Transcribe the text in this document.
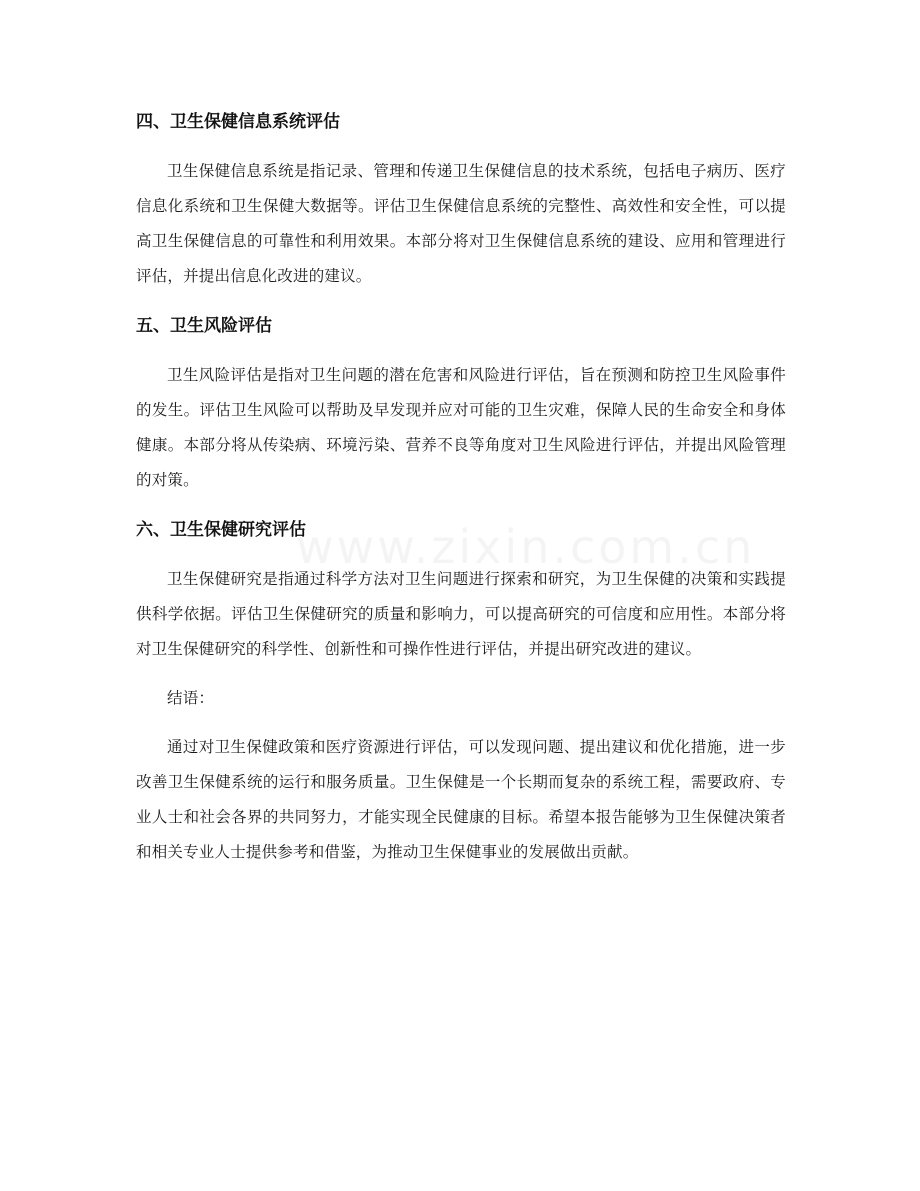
四、卫生保健信息系统评估

卫生保健信息系统是指记录、管理和传递卫生保健信息的技术系统，包括电子病历、医疗信息化系统和卫生保健大数据等。评估卫生保健信息系统的完整性、高效性和安全性，可以提高卫生保健信息的可靠性和利用效果。本部分将对卫生保健信息系统的建设、应用和管理进行评估，并提出信息化改进的建议。

五、卫生风险评估

卫生风险评估是指对卫生问题的潜在危害和风险进行评估，旨在预测和防控卫生风险事件的发生。评估卫生风险可以帮助及早发现并应对可能的卫生灾难，保障人民的生命安全和身体健康。本部分将从传染病、环境污染、营养不良等角度对卫生风险进行评估，并提出风险管理的对策。

六、卫生保健研究评估

卫生保健研究是指通过科学方法对卫生问题进行探索和研究，为卫生保健的决策和实践提供科学依据。评估卫生保健研究的质量和影响力，可以提高研究的可信度和应用性。本部分将对卫生保健研究的科学性、创新性和可操作性进行评估，并提出研究改进的建议。

结语：

通过对卫生保健政策和医疗资源进行评估，可以发现问题、提出建议和优化措施，进一步改善卫生保健系统的运行和服务质量。卫生保健是一个长期而复杂的系统工程，需要政府、专业人士和社会各界的共同努力，才能实现全民健康的目标。希望本报告能够为卫生保健决策者和相关专业人士提供参考和借鉴，为推动卫生保健事业的发展做出贡献。
